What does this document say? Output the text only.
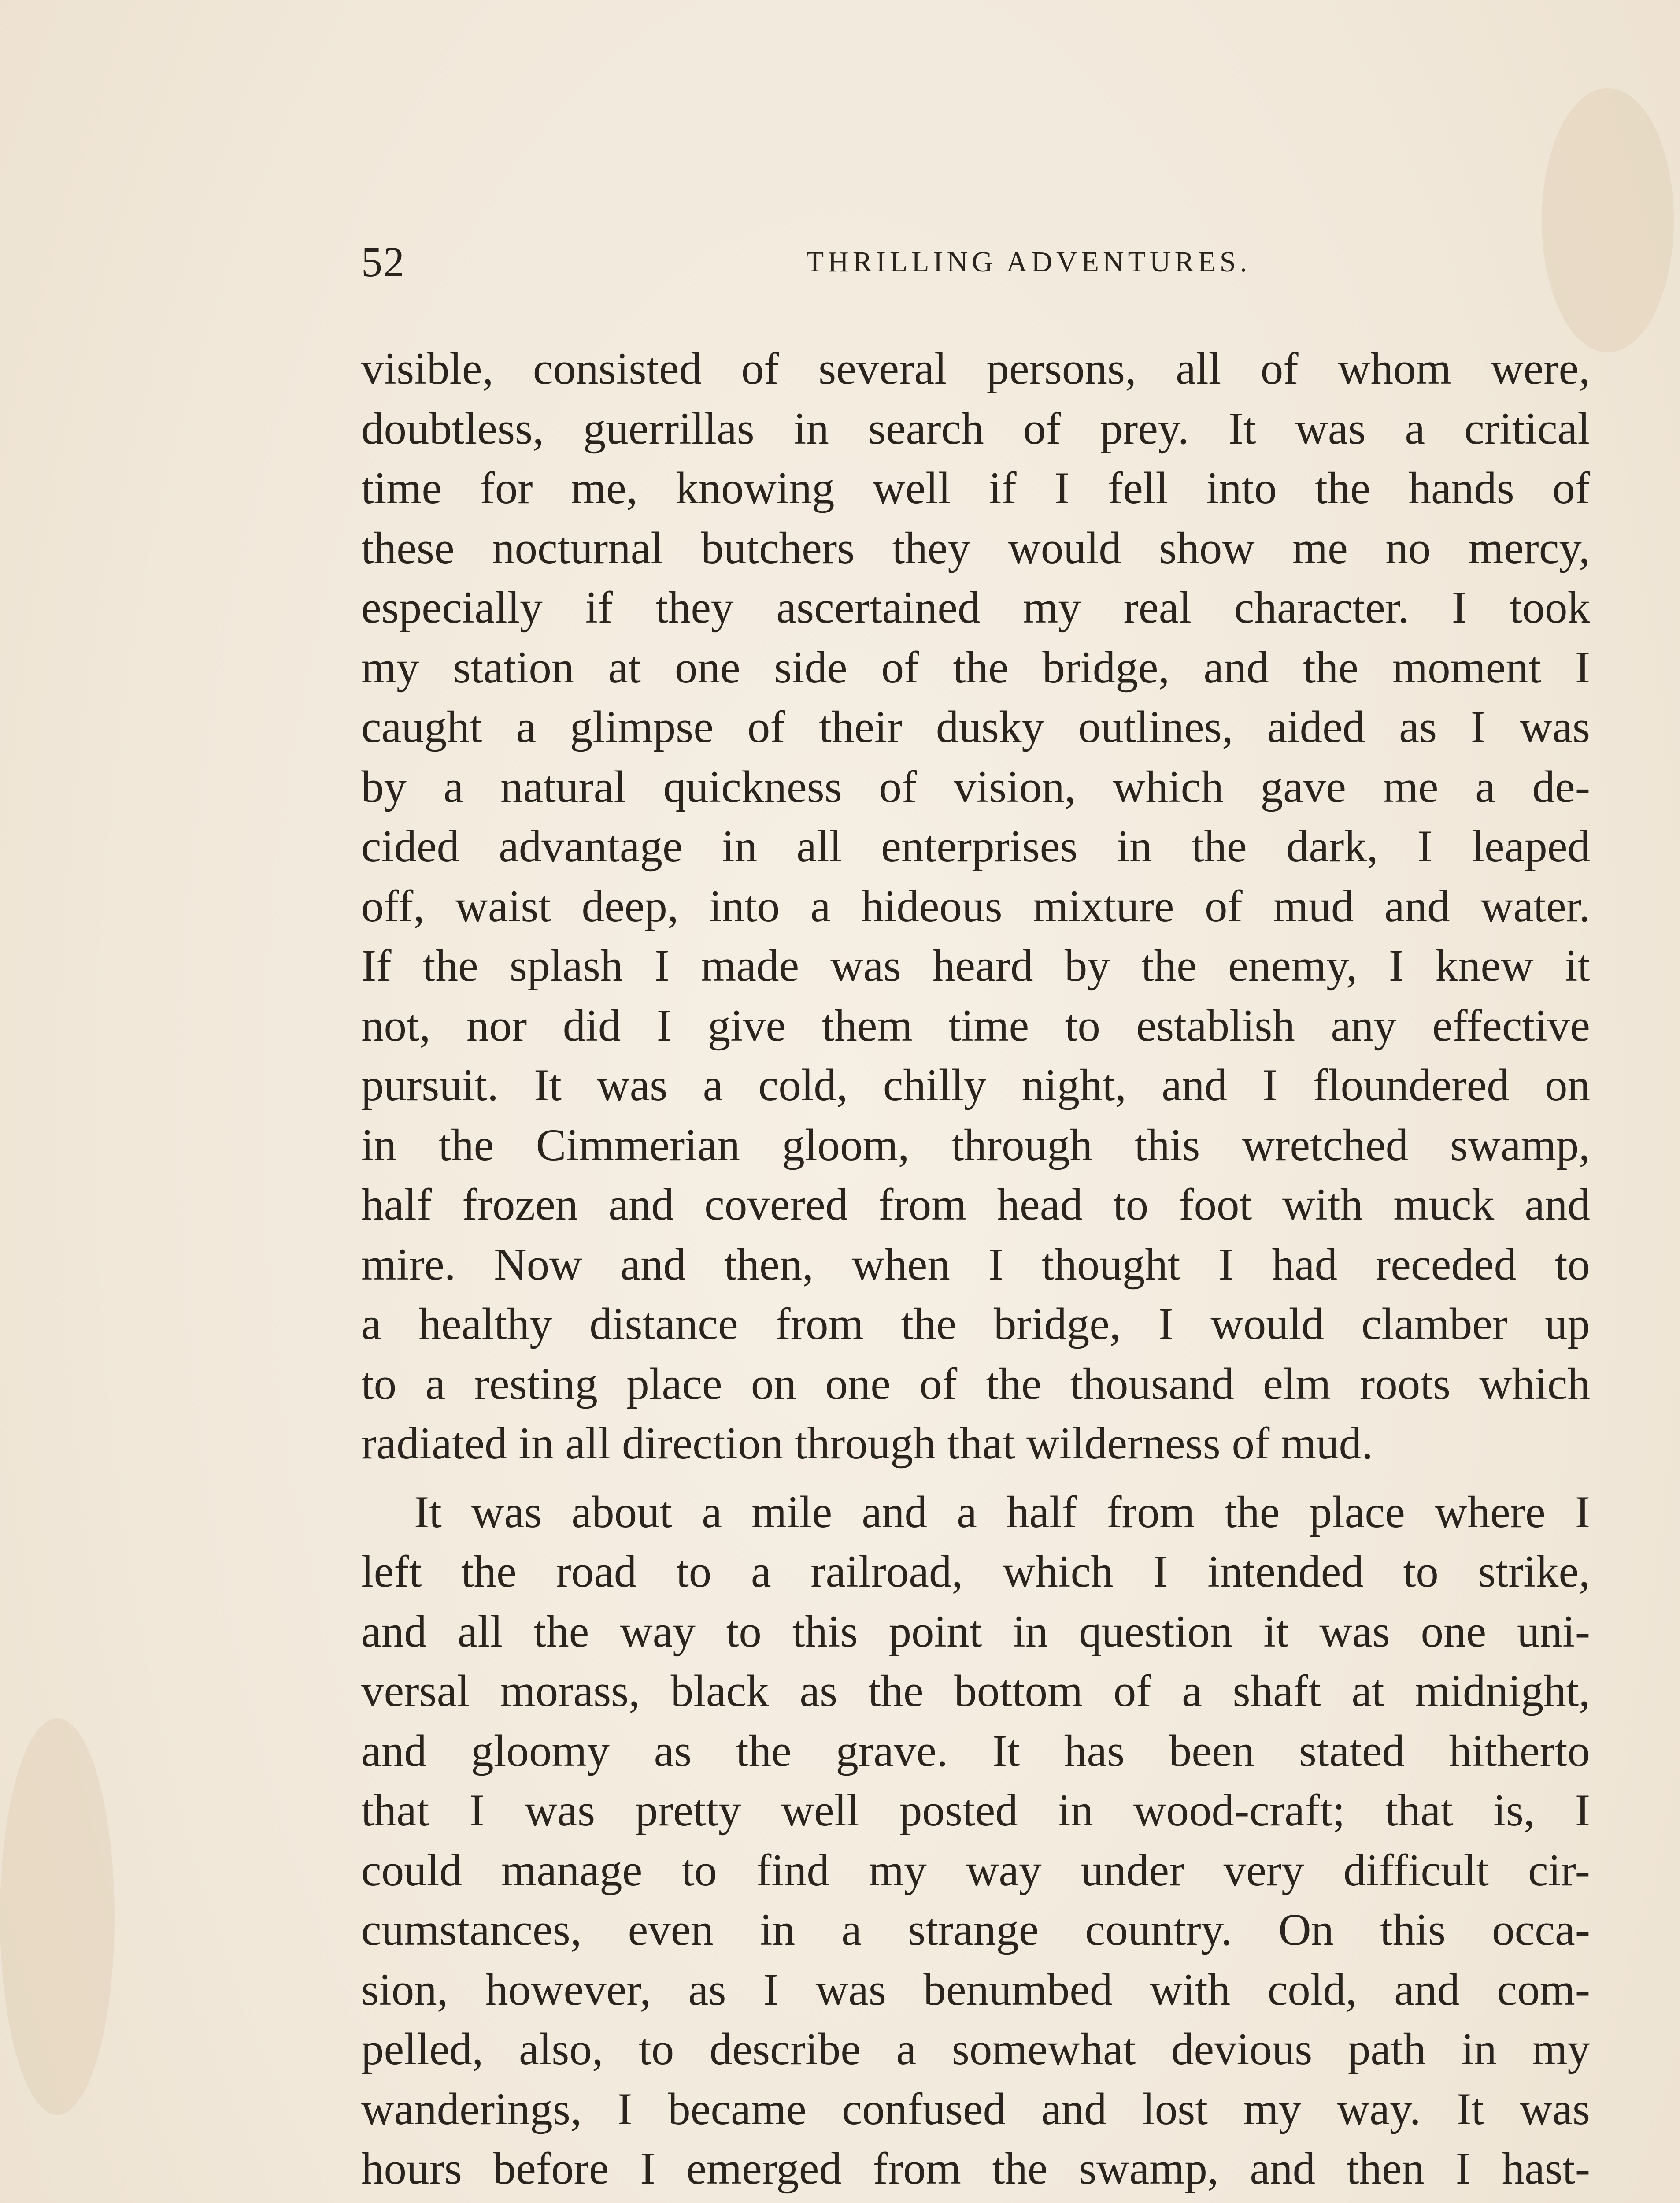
52	THRILLING ADVENTURES.
visible, consisted of several persons, all of whom were,
doubtless, guerrillas in search of prey. It was a critical
time for me, knowing well if I fell into the hands of
these nocturnal butchers they would show me no mercy,
especially if they ascertained my real character. I took
my station at one side of the bridge, and the moment I
caught a glimpse of their dusky outlines, aided as I was
by a natural quickness of vision, which gave me a de-
cided advantage in all enterprises in the dark, I leaped
off, waist deep, into a hideous mixture of mud and water.
If the splash I made was heard by the enemy, I knew it
not, nor did I give them time to establish any effective
pursuit. It was a cold, chilly night, and I floundered on
in the Cimmerian gloom, through this wretched swamp,
half frozen and covered from head to foot with muck and
mire. Now and then, when I thought I had receded to
a healthy distance from the bridge, I would clamber up
to a resting place on one of the thousand elm roots which
radiated in all direction through that wilderness of mud.
It was about a mile and a half from the place where I
left the road to a railroad, which I intended to strike,
and all the way to this point in question it was one uni-
versal morass, black as the bottom of a shaft at midnight,
and gloomy as the grave. It has been stated hitherto
that I was pretty well posted in wood-craft; that is, I
could manage to find my way under very difficult cir-
cumstances, even in a strange country. On this occa-
sion, however, as I was benumbed with cold, and com-
pelled, also, to describe a somewhat devious path in my
wanderings, I became confused and lost my way. It was
hours before I emerged from the swamp, and then I hast-
